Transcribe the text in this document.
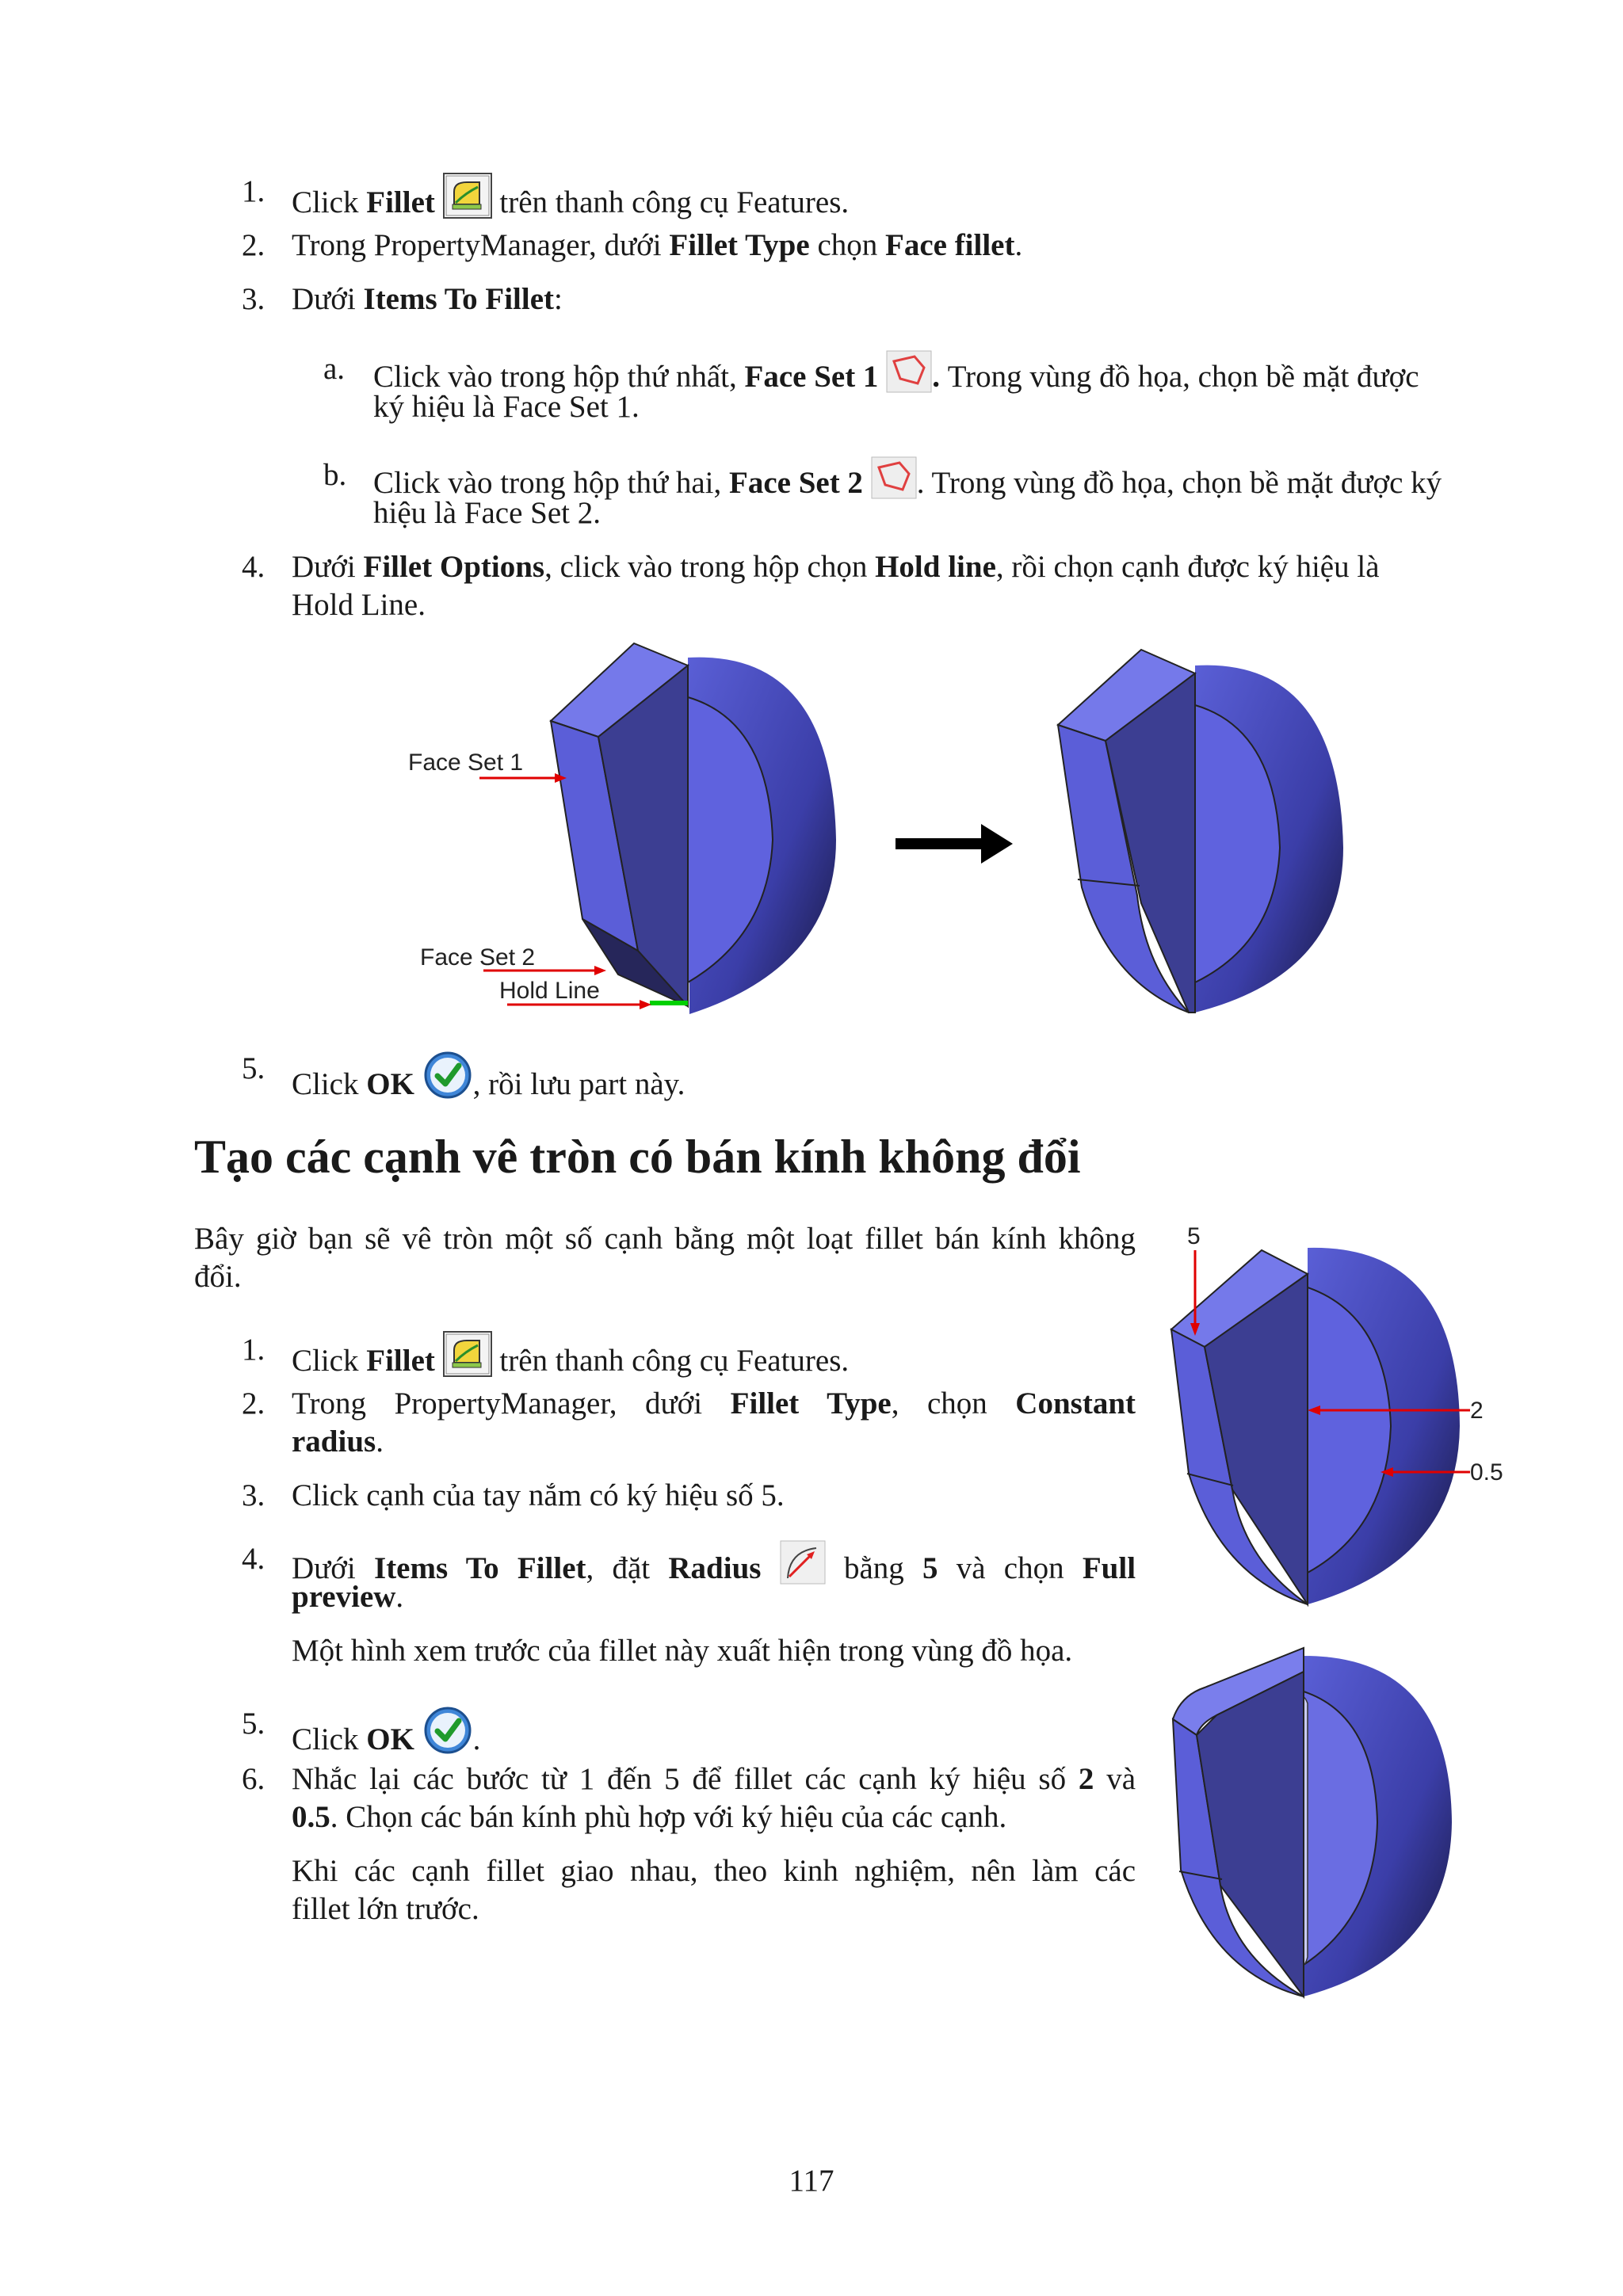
1. Click Fillet  trên thanh công cụ Features.
2. Trong PropertyManager, dưới Fillet Type chọn Face fillet.
3. Dưới Items To Fillet:
a. Click vào trong hộp thứ nhất, Face Set 1 . Trong vùng đồ họa, chọn bề mặt được
ký hiệu là Face Set 1.
b. Click vào trong hộp thứ hai, Face Set 2 . Trong vùng đồ họa, chọn bề mặt được ký
hiệu là Face Set 2.
4. Dưới Fillet Options, click vào trong hộp chọn Hold line, rồi chọn cạnh được ký hiệu là
Hold Line.
Face Set 1
Face Set 2
Hold Line
5. Click OK , rồi lưu part này.
Tạo các cạnh vê tròn có bán kính không đổi
Bây giờ bạn sẽ vê tròn một số cạnh bằng một loạt fillet bán kính không
đổi.
1. Click Fillet  trên thanh công cụ Features.
2. Trong PropertyManager, dưới Fillet Type, chọn Constant
radius.
3. Click cạnh của tay nắm có ký hiệu số 5.
4. Dưới Items To Fillet, đặt Radius  bằng 5 và chọn Full
preview.
Một hình xem trước của fillet này xuất hiện trong vùng đồ họa.
5. Click OK .
6. Nhắc lại các bước từ 1 đến 5 để fillet các cạnh ký hiệu số 2 và
0.5. Chọn các bán kính phù hợp với ký hiệu của các cạnh.
Khi các cạnh fillet giao nhau, theo kinh nghiệm, nên làm các
fillet lớn trước.
5
2
0.5
117
